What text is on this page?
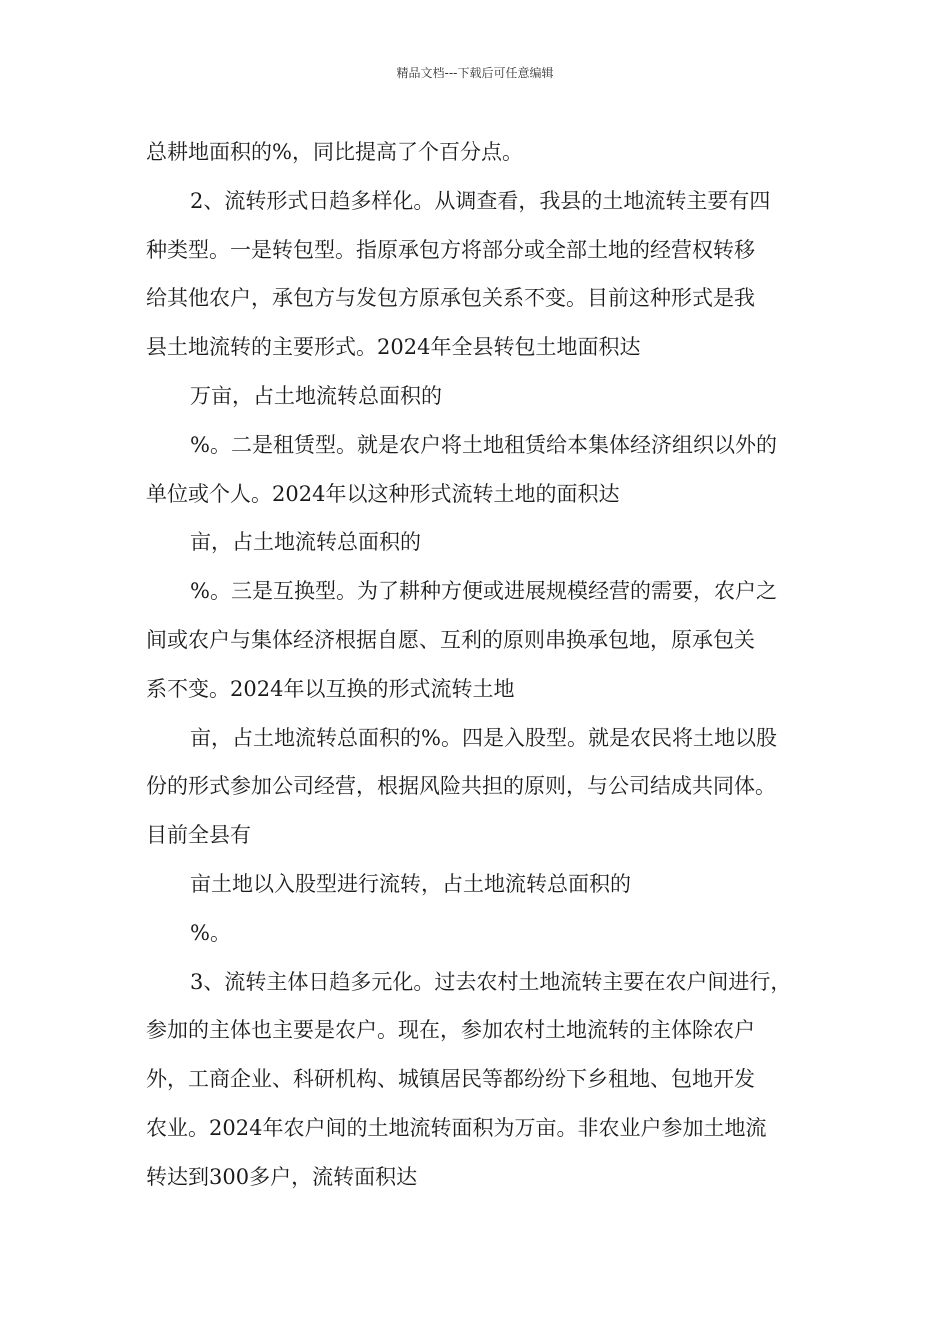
精品文档---下载后可任意编辑
总耕地面积的%，同比提高了个百分点。
2、流转形式日趋多样化。从调查看，我县的土地流转主要有四
种类型。一是转包型。指原承包方将部分或全部土地的经营权转移
给其他农户，承包方与发包方原承包关系不变。目前这种形式是我
县土地流转的主要形式。2024年全县转包土地面积达
万亩，占土地流转总面积的
%。二是租赁型。就是农户将土地租赁给本集体经济组织以外的
单位或个人。2024年以这种形式流转土地的面积达
亩，占土地流转总面积的
%。三是互换型。为了耕种方便或进展规模经营的需要，农户之
间或农户与集体经济根据自愿、互利的原则串换承包地，原承包关
系不变。2024年以互换的形式流转土地
亩，占土地流转总面积的%。四是入股型。就是农民将土地以股
份的形式参加公司经营，根据风险共担的原则，与公司结成共同体。
目前全县有
亩土地以入股型进行流转，占土地流转总面积的
%。
3、流转主体日趋多元化。过去农村土地流转主要在农户间进行，
参加的主体也主要是农户。现在，参加农村土地流转的主体除农户
外，工商企业、科研机构、城镇居民等都纷纷下乡租地、包地开发
农业。2024年农户间的土地流转面积为万亩。非农业户参加土地流
转达到300多户，流转面积达
